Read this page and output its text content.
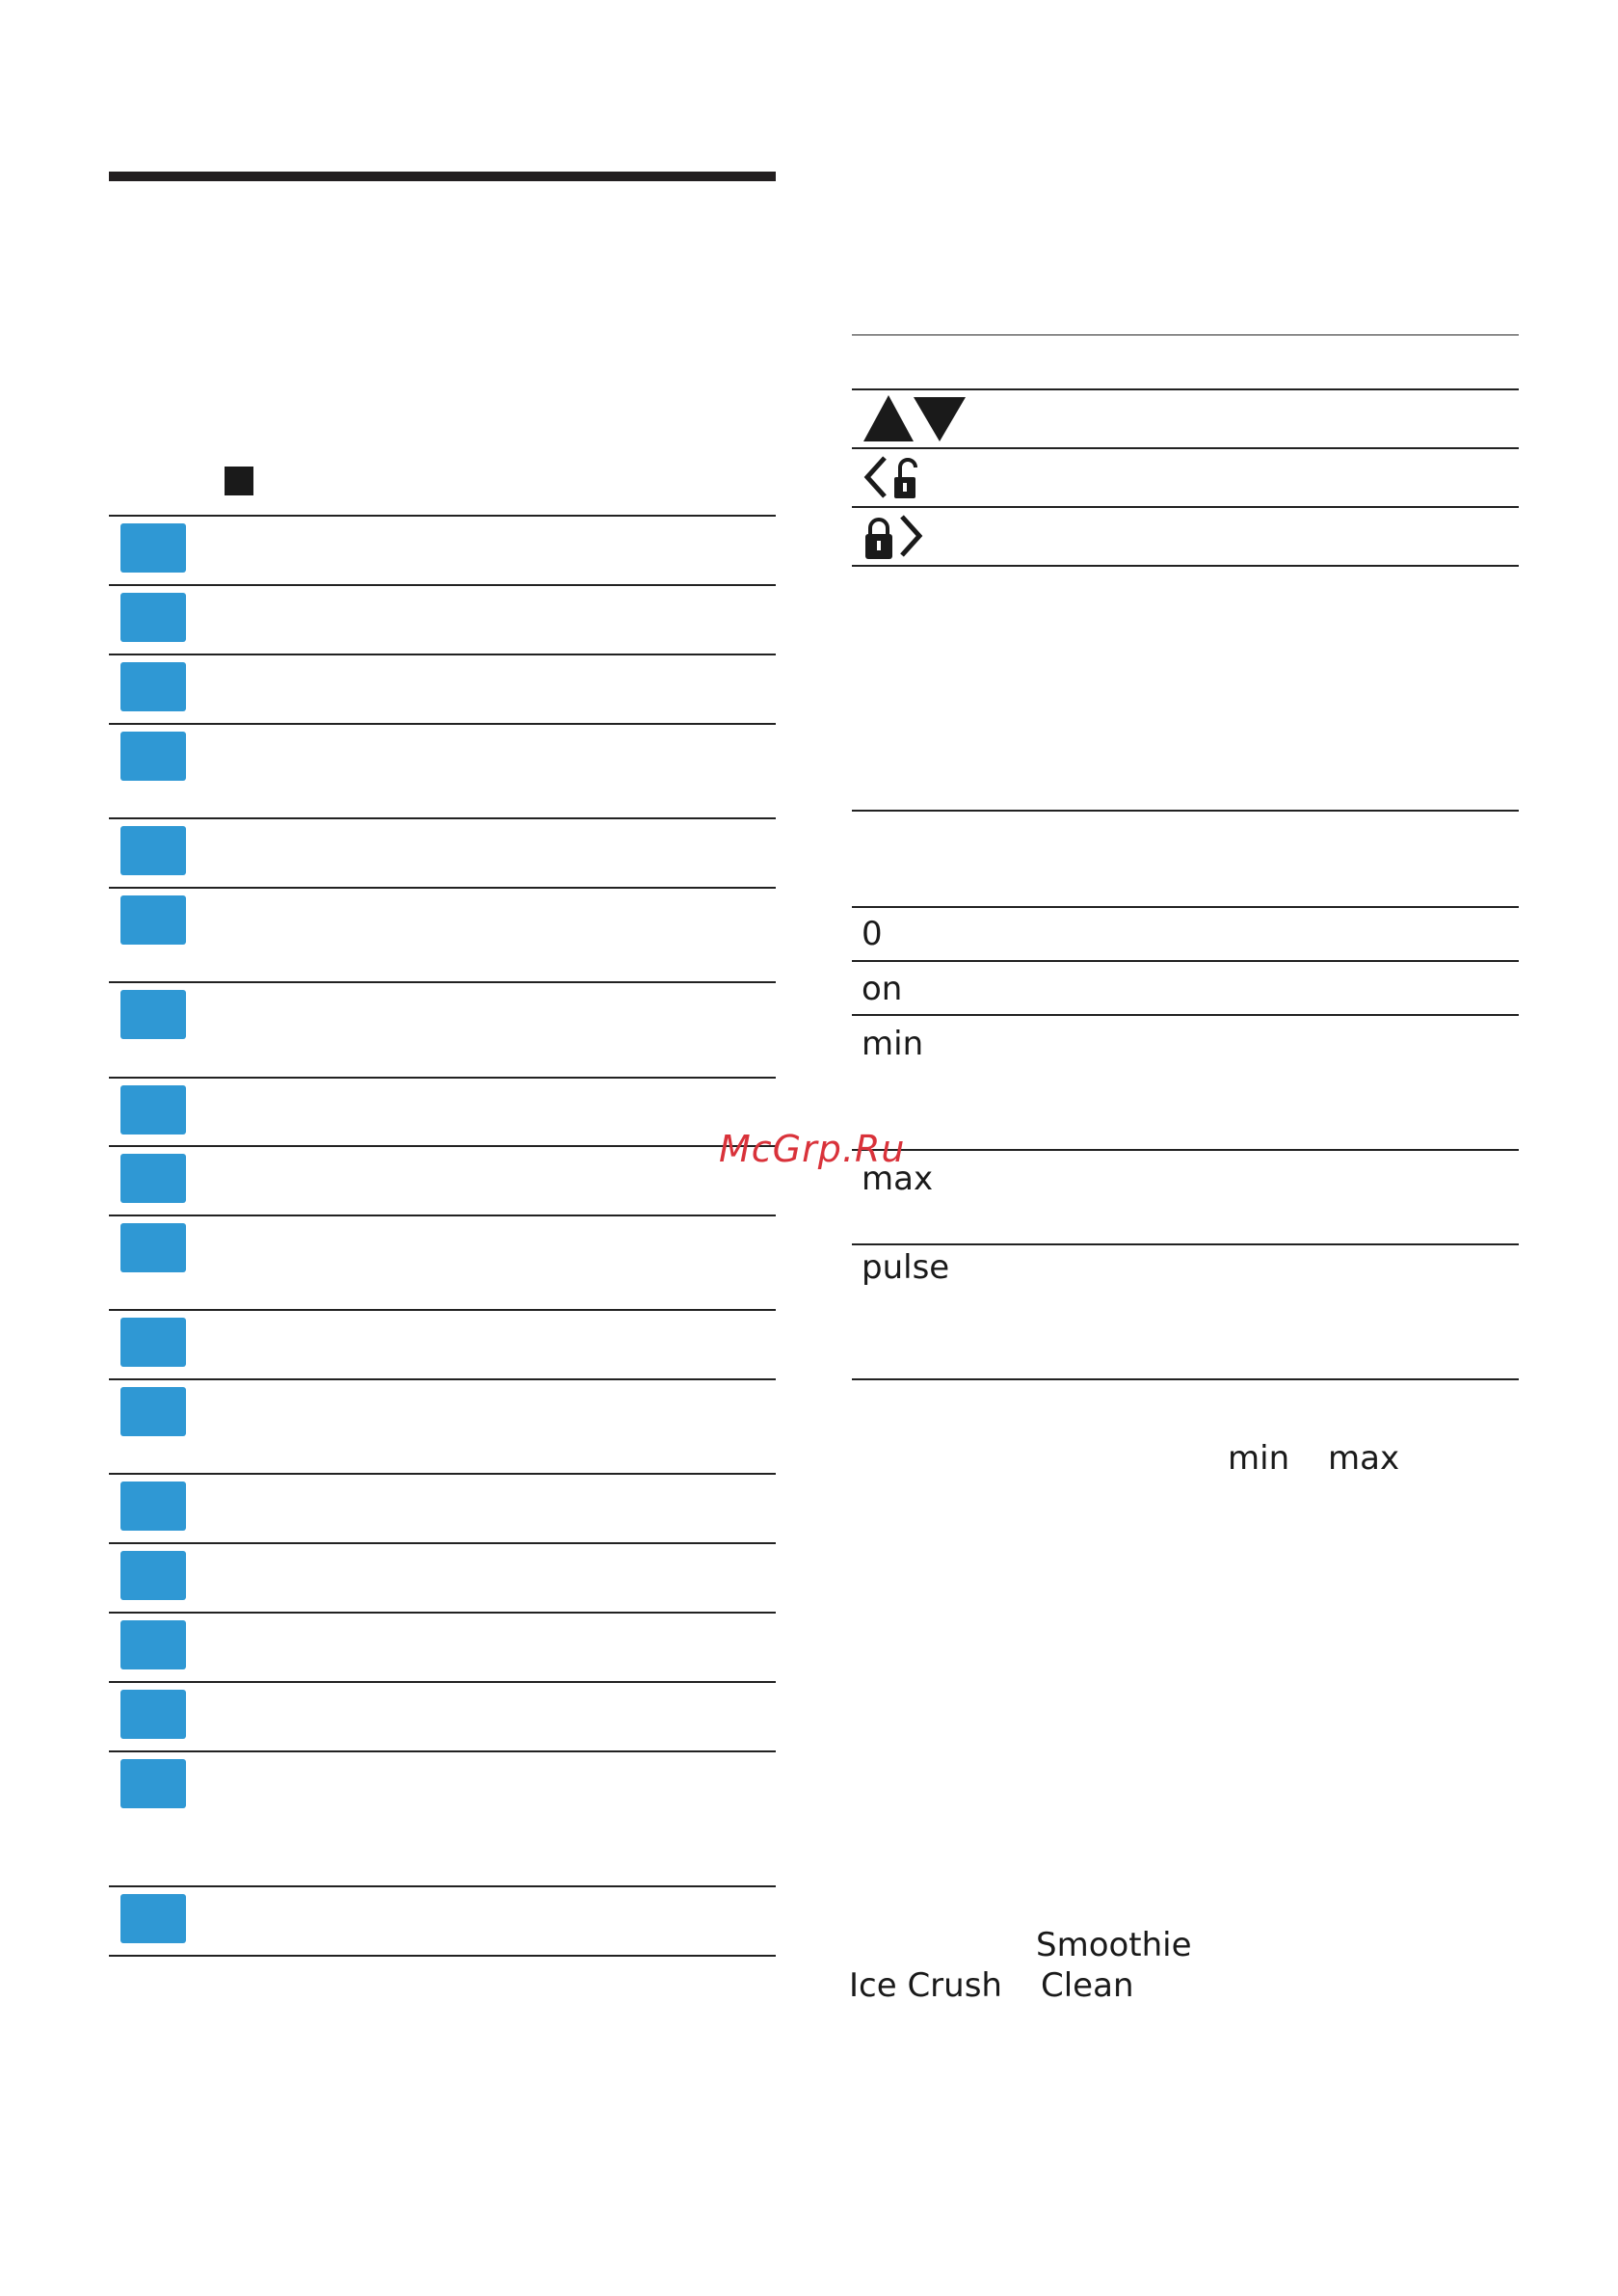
0
on
min
max
pulse
min max
Smoothie
Ice Crush Clean
McGrp.Ru
